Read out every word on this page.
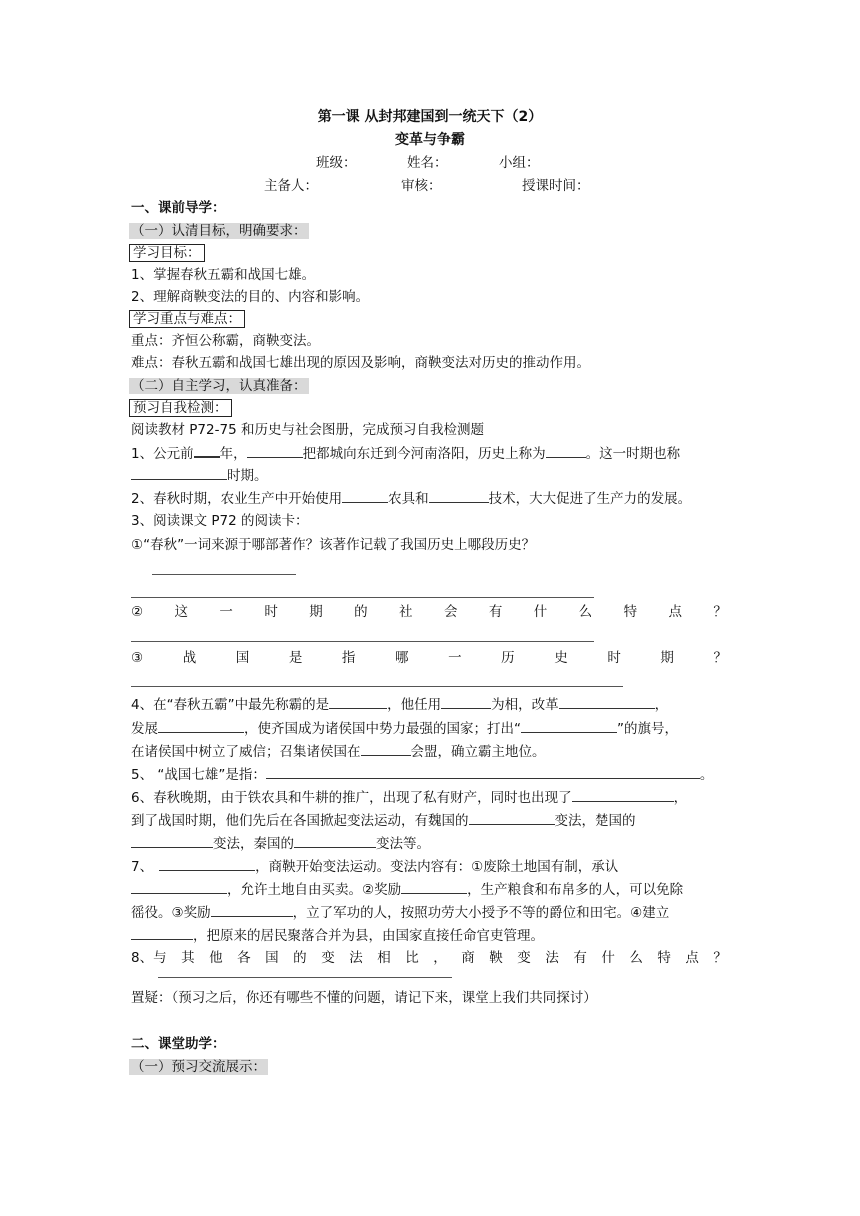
第一课 从封邦建国到一统天下（2）
变革与争霸
班级：	姓名：	小组：
主备人：	审核：	授课时间：
一、课前导学：
（一）认清目标，明确要求：
学习目标：
1、掌握春秋五霸和战国七雄。
2、理解商鞅变法的目的、内容和影响。
学习重点与难点：
重点：齐恒公称霸，商鞅变法。
难点：春秋五霸和战国七雄出现的原因及影响，商鞅变法对历史的推动作用。
（二）自主学习，认真准备：
预习自我检测：
阅读教材 P72-75 和历史与社会图册，完成预习自我检测题
1、公元前 年，	把都城向东迁到今河南洛阳，历史上称为	。这一时期也称
时期。
2、春秋时期，农业生产中开始使用	农具和	技术，大大促进了生产力的发展。
3、阅读课文 P72 的阅读卡：
①“春秋”一词来源于哪部著作？该著作记载了我国历史上哪段历史？
② 这 一 时 期 的 社 会 有 什 么 特 点 ？
③	战	国	是	指	哪	一	历	史	时	期	？
4、在“春秋五霸”中最先称霸的是	，他任用	为相，改革	，
发展	，使齐国成为诸侯国中势力最强的国家；打出“	”的旗号，
在诸侯国中树立了威信；召集诸侯国在	会盟，确立霸主地位。
5、 “战国七雄”是指：	。
6、春秋晚期，由于铁农具和牛耕的推广，出现了私有财产，同时也出现了	，
到了战国时期，他们先后在各国掀起变法运动，有魏国的	变法，楚国的
变法，秦国的	变法等。
7、	，商鞅开始变法运动。变法内容有：①废除土地国有制，承认
，允许土地自由买卖。②奖励	，生产粮食和布帛多的人，可以免除
徭役。③奖励	，立了军功的人，按照功劳大小授予不等的爵位和田宅。④建立
，把原来的居民聚落合并为县，由国家直接任命官吏管理。
8、与 其 他 各 国 的 变 法 相 比 ， 商 鞅 变 法 有 什 么 特 点 ？
置疑：（预习之后，你还有哪些不懂的问题，请记下来，课堂上我们共同探讨）
二、课堂助学：
（一）预习交流展示：
